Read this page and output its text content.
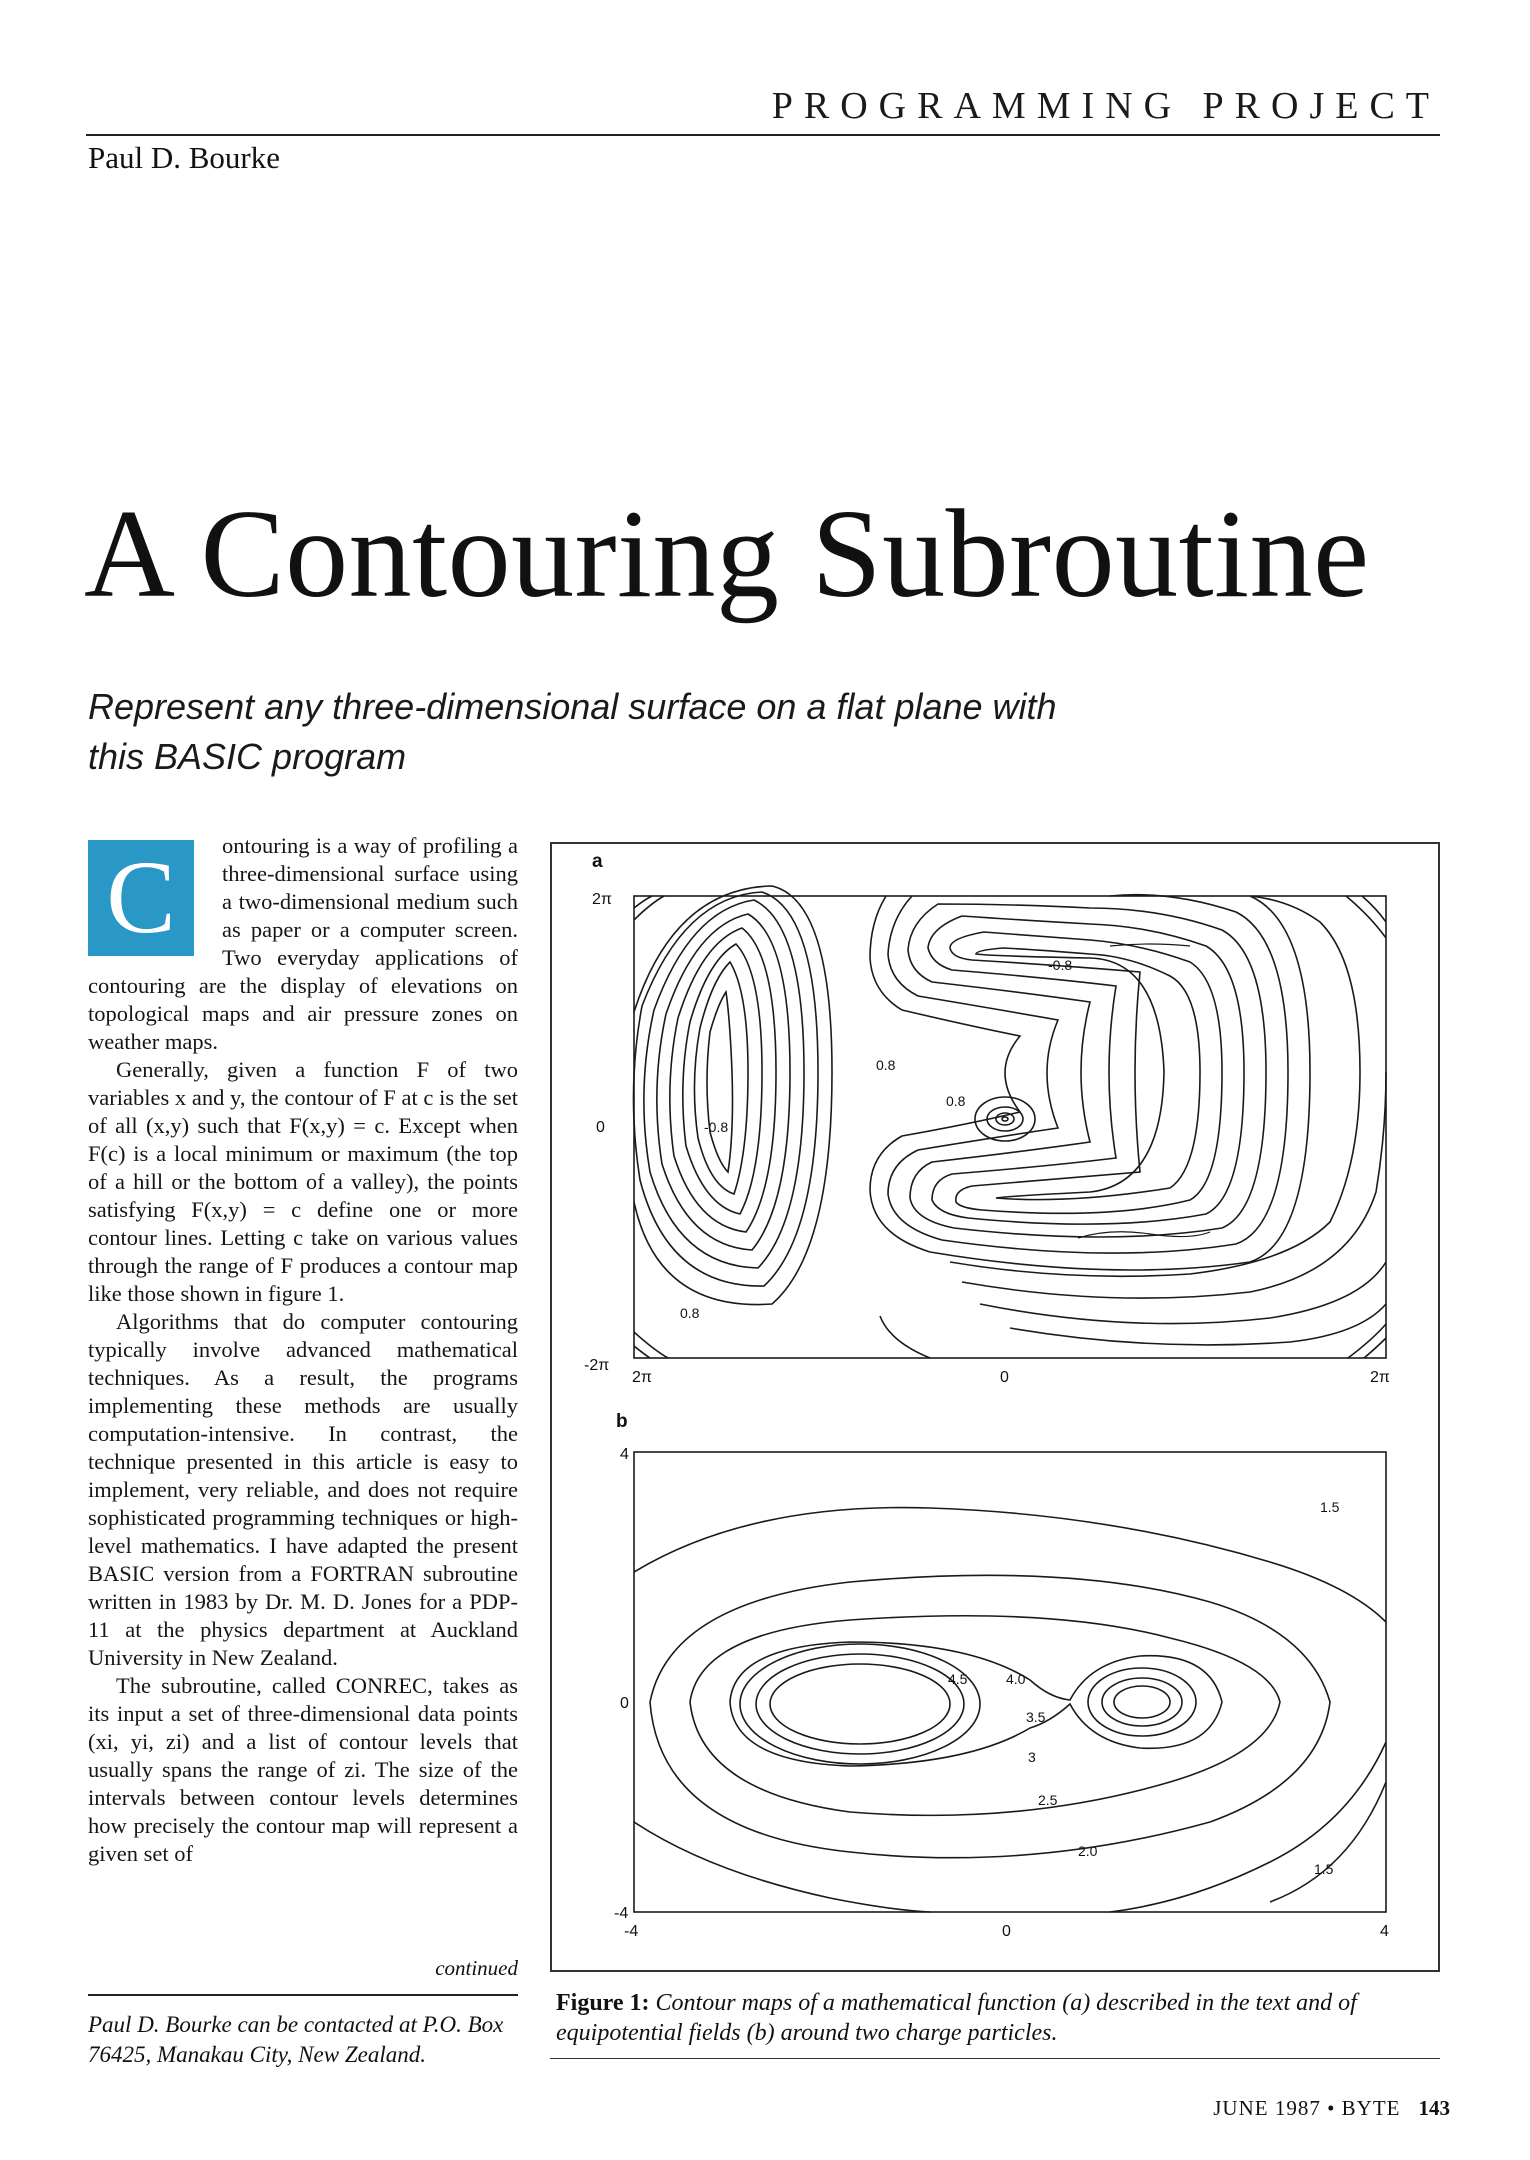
PROGRAMMING PROJECT
Paul D. Bourke
A Contouring Subroutine
Represent any three-dimensional surface on a flat plane with this BASIC program
C	ontouring is a way of profiling a three-dimensional surface using a two-dimensional medium such as paper or a computer screen. Two everyday applications of contouring are the display of elevations on topological maps and air pressure zones on weather maps.

Generally, given a function F of two variables x and y, the contour of F at c is the set of all (x,y) such that F(x,y) = c. Except when F(c) is a local minimum or maximum (the top of a hill or the bottom of a valley), the points satisfying F(x,y) = c define one or more contour lines. Letting c take on various values through the range of F produces a contour map like those shown in figure 1.

Algorithms that do computer contouring typically involve advanced mathematical techniques. As a result, the programs implementing these methods are usually computation-intensive. In contrast, the technique presented in this article is easy to implement, very reliable, and does not require sophisticated programming techniques or high-level mathematics. I have adapted the present BASIC version from a FORTRAN subroutine written in 1983 by Dr. M. D. Jones for a PDP-11 at the physics department at Auckland University in New Zealand.

The subroutine, called CONREC, takes as its input a set of three-dimensional data points (xi, yi, zi) and a list of contour levels that usually spans the range of zi. The size of the intervals between contour levels determines how precisely the contour map will represent a given set of

continued
Paul D. Bourke can be contacted at P.O. Box 76425, Manakau City, New Zealand.
a
2π
0
-2π
2π	0	2π
-0.8
0.8
0.8
-0.8
0.8
b
4
0
-4
-4	0	4
1.5
4.5	4.0
3.5
3
2.5
2.0
1.5
Figure 1: Contour maps of a mathematical function (a) described in the text and of equipotential fields (b) around two charge particles.
JUNE 1987 • BYTE 143
